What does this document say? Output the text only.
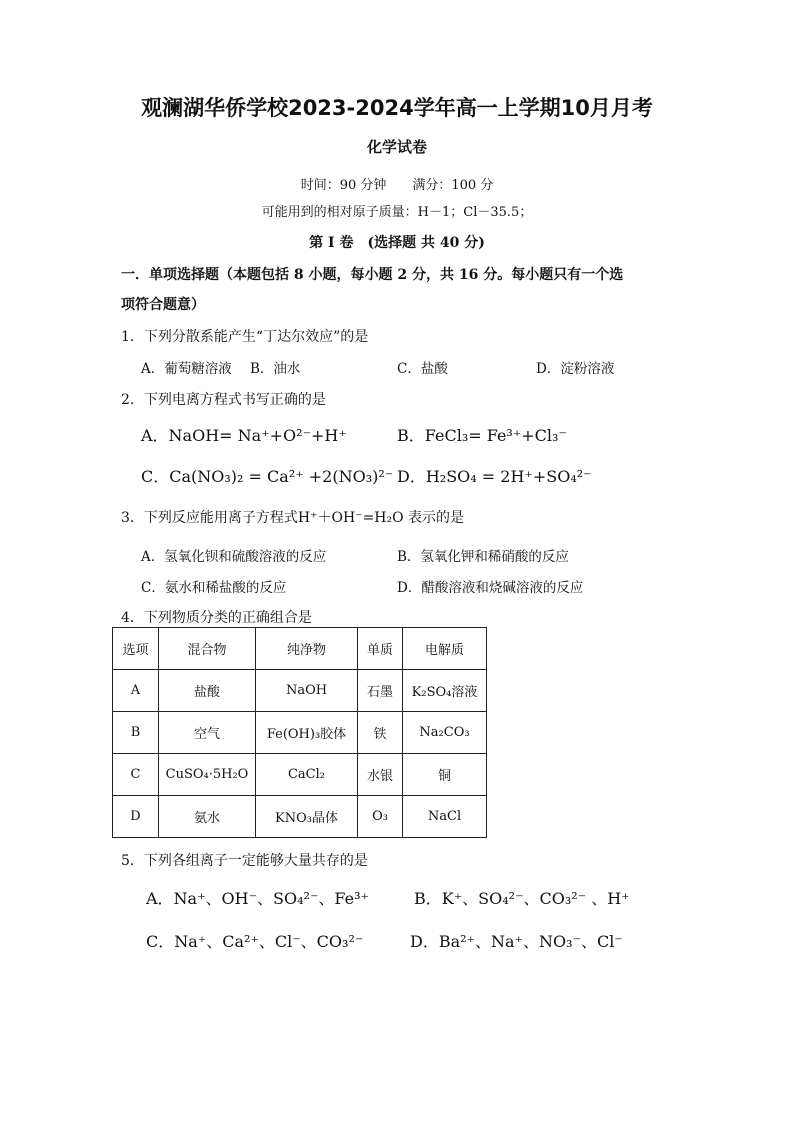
观澜湖华侨学校2023-2024学年高一上学期10月月考
化学试卷
时间：90 分钟　　满分：100 分
可能用到的相对原子质量：H－1；Cl－35.5；
第 I 卷　(选择题 共 40 分)
一．单项选择题（本题包括 8 小题，每小题 2 分，共 16 分。每小题只有一个选
项符合题意）
1．下列分散系能产生“丁达尔效应”的是
A．葡萄糖溶液 B．油水	C．盐酸	D．淀粉溶液
2．下列电离方程式书写正确的是
A．NaOH= Na⁺+O²⁻+H⁺	B．FeCl₃= Fe³⁺+Cl₃⁻
C．Ca(NO₃)₂ = Ca²⁺ +2(NO₃)²⁻ D．H₂SO₄ = 2H⁺+SO₄²⁻
3．下列反应能用离子方程式H⁺＋OH⁻=H₂O 表示的是
A．氢氧化钡和硫酸溶液的反应	B．氢氧化钾和稀硝酸的反应
C．氨水和稀盐酸的反应	D．醋酸溶液和烧碱溶液的反应
4．下列物质分类的正确组合是
选项	混合物	纯净物	单质	电解质
A	盐酸	NaOH	石墨	K₂SO₄溶液
B	空气	Fe(OH)₃胶体	铁	Na₂CO₃
C	CuSO₄·5H₂O	CaCl₂	水银	铜
D	氨水	KNO₃晶体	O₃	NaCl
5．下列各组离子一定能够大量共存的是
A．Na⁺、OH⁻、SO₄²⁻、Fe³⁺	B．K⁺、SO₄²⁻、CO₃²⁻ 、H⁺
C．Na⁺、Ca²⁺、Cl⁻、CO₃²⁻	D．Ba²⁺、Na⁺、NO₃⁻、Cl⁻
